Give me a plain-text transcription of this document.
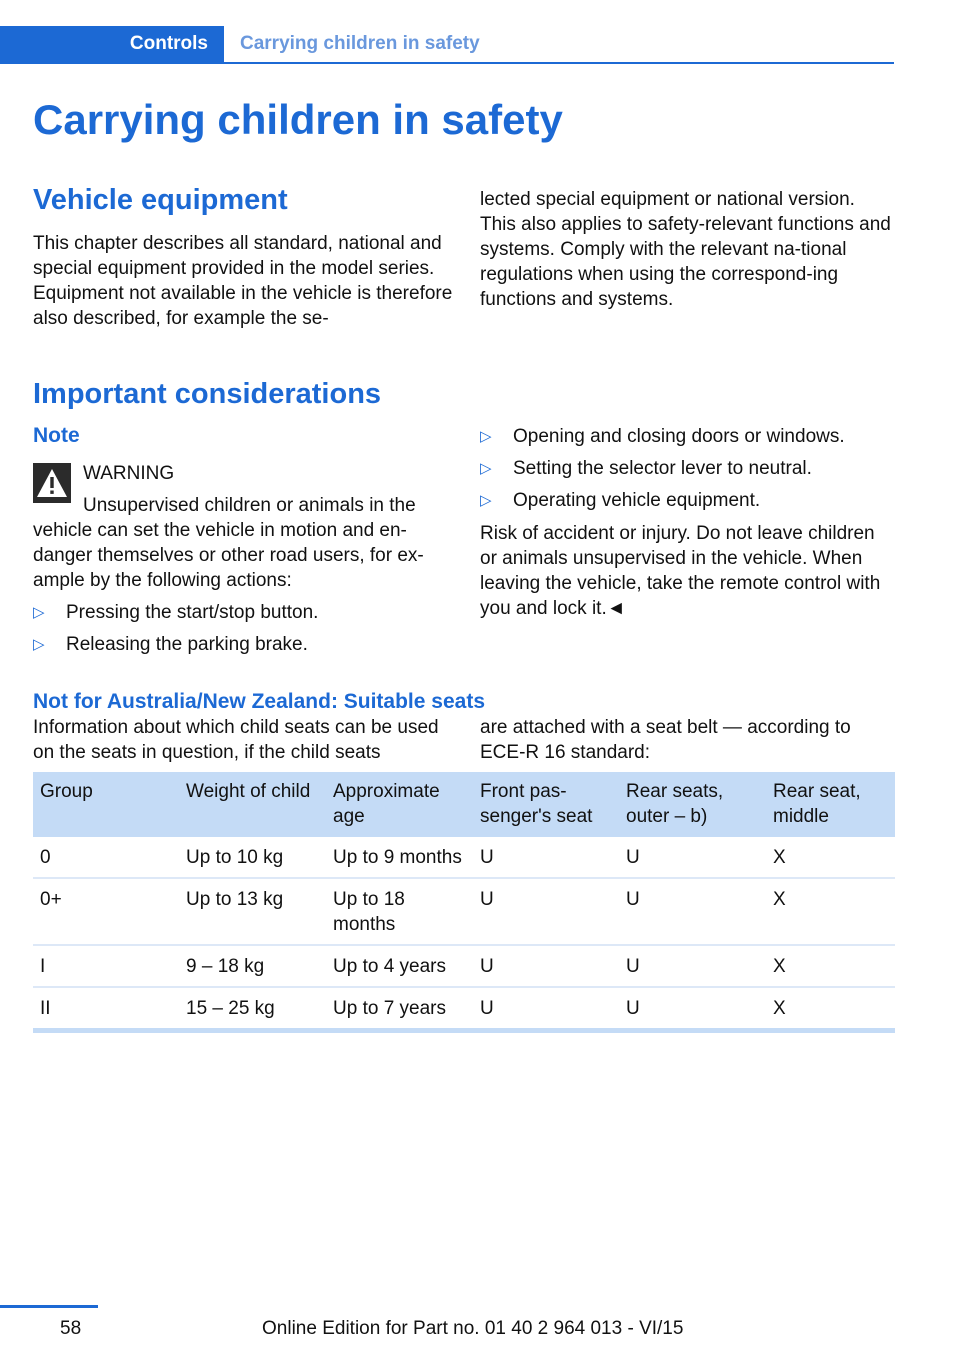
Controls	Carrying children in safety
Carrying children in safety
Vehicle equipment

This chapter describes all standard, national and special equipment provided in the model series. Equipment not available in the vehicle is therefore also described, for example the se-

lected special equipment or national version. This also applies to safety-relevant functions and systems. Comply with the relevant na-tional regulations when using the correspond-ing functions and systems.

Important considerations
Note
WARNING
Unsupervised children or animals in the vehicle can set the vehicle in motion and en-danger themselves or other road users, for ex-ample by the following actions:
▷ Pressing the start/stop button.
▷ Releasing the parking brake.
▷ Opening and closing doors or windows.
▷ Setting the selector lever to neutral.
▷ Operating vehicle equipment.

Risk of accident or injury. Do not leave children or animals unsupervised in the vehicle. When leaving the vehicle, take the remote control with you and lock it.◄

Not for Australia/New Zealand: Suitable seats

Information about which child seats can be used on the seats in question, if the child seats

are attached with a seat belt — according to ECE-R 16 standard:

Group	Weight of child	Approximate age	Front pas-senger's seat	Rear seats, outer – b)	Rear seat, middle
0	Up to 10 kg	Up to 9 months	U	U	X
0+	Up to 13 kg	Up to 18 months	U	U	X
I	9 – 18 kg	Up to 4 years	U	U	X
II	15 – 25 kg	Up to 7 years	U	U	X
58	Online Edition for Part no. 01 40 2 964 013 - VI/15
